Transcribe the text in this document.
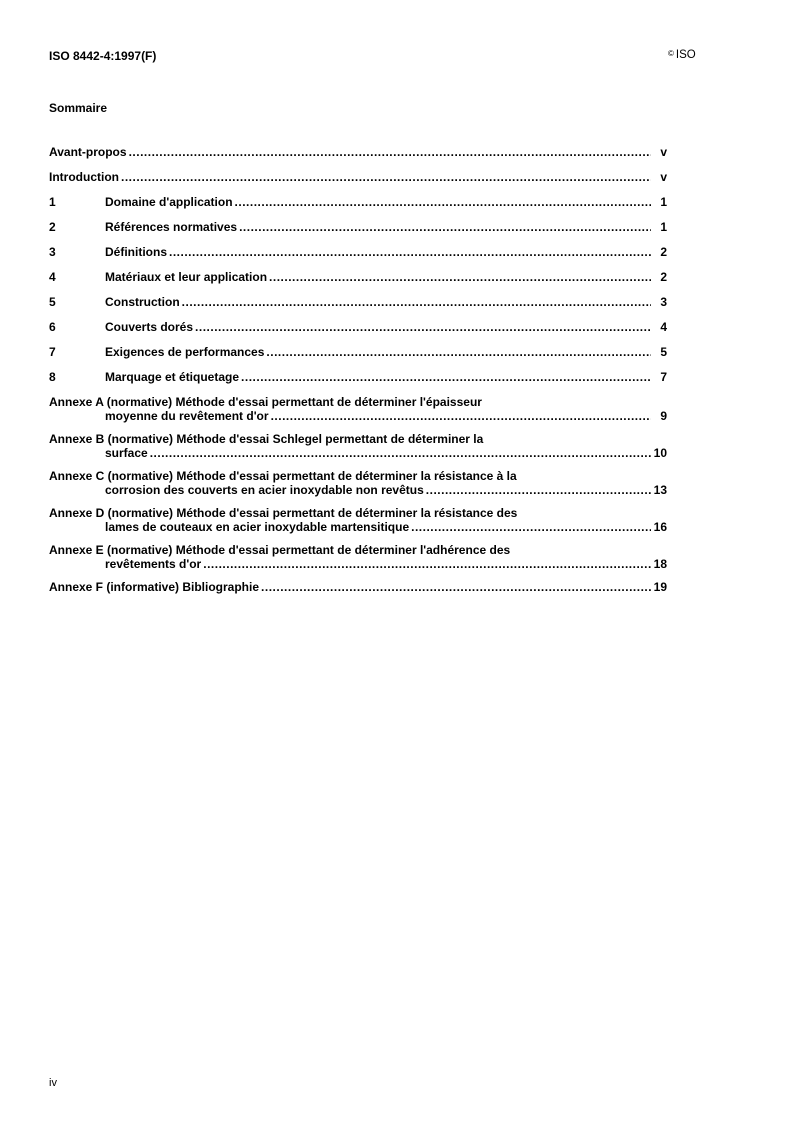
ISO 8442-4:1997(F)	© ISO
Sommaire
Avant-propos .....	v
Introduction .....	v
1	Domaine d'application .....	1
2	Références normatives .....	1
3	Définitions .....	2
4	Matériaux et leur application .....	2
5	Construction .....	3
6	Couverts dorés .....	4
7	Exigences de performances .....	5
8	Marquage et étiquetage .....	7
Annexe A (normative) Méthode d'essai permettant de déterminer l'épaisseur
moyenne du revêtement d'or .....	9
Annexe B (normative) Méthode d'essai Schlegel permettant de déterminer la
surface .....	10
Annexe C (normative) Méthode d'essai permettant de déterminer la résistance à la
corrosion des couverts en acier inoxydable non revêtus .....	13
Annexe D (normative) Méthode d'essai permettant de déterminer la résistance des
lames de couteaux en acier inoxydable martensitique .....	16
Annexe E (normative) Méthode d'essai permettant de déterminer l'adhérence des
revêtements d'or .....	18
Annexe F (informative) Bibliographie .....	19
iv
